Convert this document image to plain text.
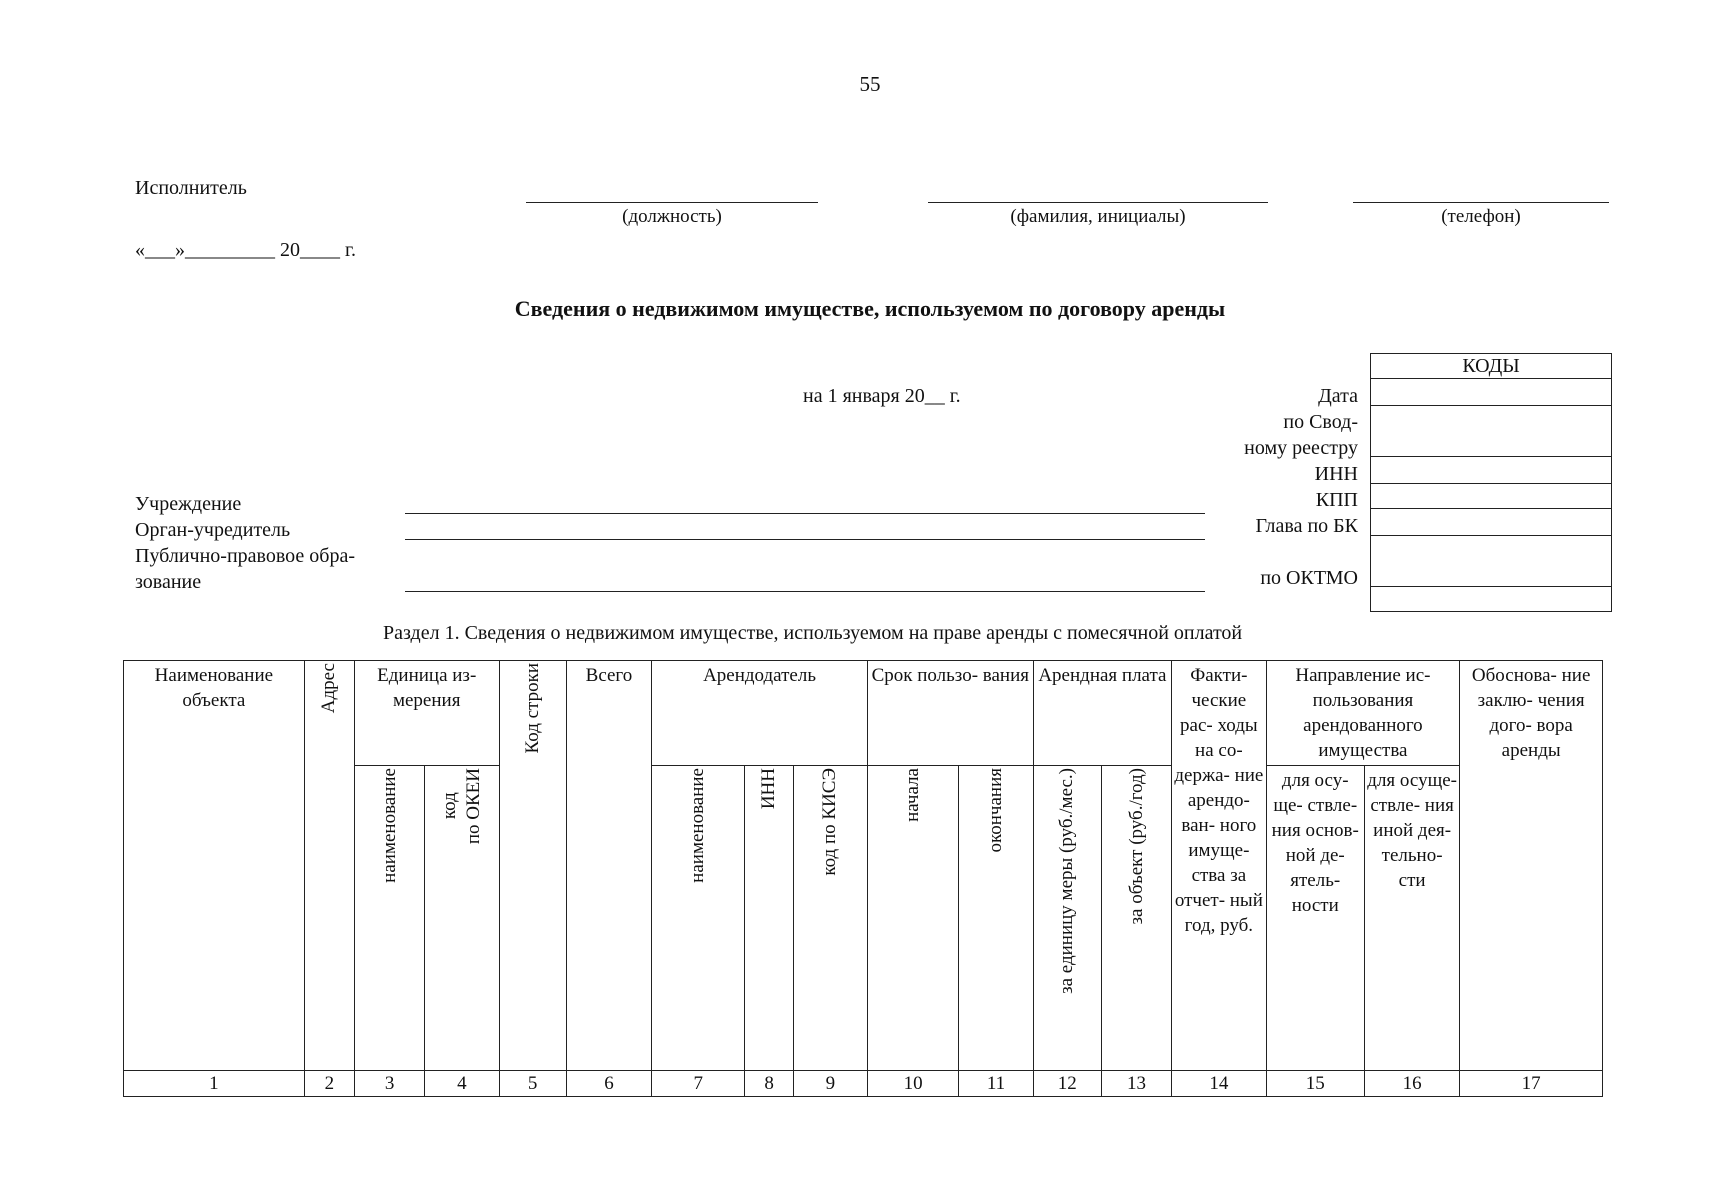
55
Исполнитель
(должность)	(фамилия, инициалы)	(телефон)
«___»_________ 20____ г.
Сведения о недвижимом имуществе, используемом по договору аренды
на 1 января 20__ г.	Дата
по Свод-
ному реестру
ИНН
КПП
Глава по БК
по ОКТМО
КОДЫ
Учреждение
Орган-учредитель
Публично-правовое обра-
зование
Раздел 1. Сведения о недвижимом имуществе, используемом на праве аренды с помесячной оплатой
Наименование объекта	Адрес	Единица из- мерения		Код строки	Всего	Арендодатель			Срок пользо- вания		Арендная плата		Факти- ческие рас- ходы на со- держа- ние арендо- ван- ного имуще- ства за отчет- ный год, руб.	Направление ис- пользования арендованного имущества		Обоснова- ние заклю- чения дого- вора аренды
		наименование	код по ОКЕИ			наименование	ИНН	код по КИСЭ	начала	окончания	за единицу меры (руб./мес.)	за объект (руб./год)		для осу- ще- ствле- ния основ- ной де- ятель- ности	для осуще- ствле- ния иной дея- тельно- сти	
1	2	3	4	5	6	7	8	9	10	11	12	13	14	15	16	17
